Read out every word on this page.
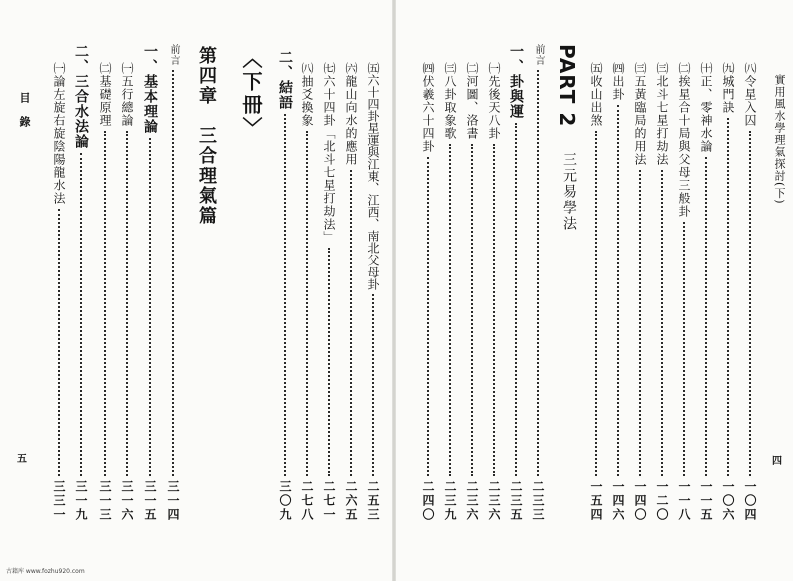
實用風水學理氣探討(下)
四
㈧令星入囚
一〇四
㈨城門訣
一〇六
㈩正、零神水論
一一五
㈡挨星合十局與父母三般卦
一一八
㈢北斗七星打劫法
一二〇
㈢五黃臨局的用法
一四〇
㈣出卦
一四六
㈤收山出煞
一五四
PART 2
三元易學法
前言
二三三
一、卦與運
二三五
㈠先後天八卦
二三六
㈡河圖、洛書
二三六
㈢八卦取象歌
二三九
㈣伏羲六十四卦
二四〇
㈤六十四卦星運與江東、江西、南北父母卦
二五三
㈥龍山向水的應用
二六五
㈦六十四卦「北斗七星打劫法」
二七一
㈧抽爻換象
二七八
二、結語
三〇九
〈下冊〉
第四章　三合理氣篇
前言
三一四
一、基本理論
三一五
㈠五行總論
三一六
㈡基礎原理
三一三
二、三合水法論
三一九
㈠論左旋右旋陰陽龍水法
三三一
目　錄
五
古籍库 www.fozhu920.com
